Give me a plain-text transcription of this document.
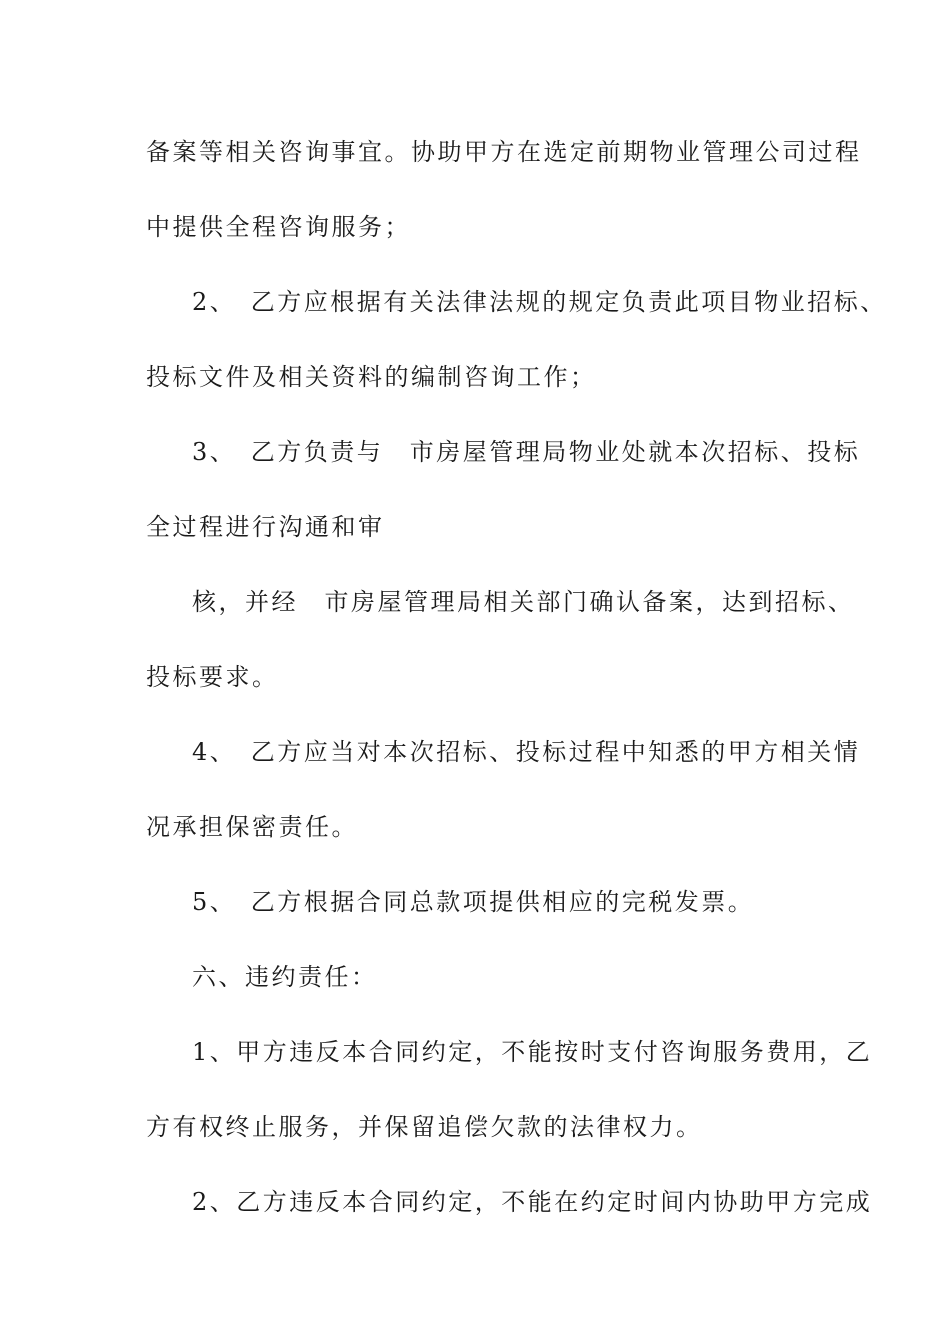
备案等相关咨询事宜。协助甲方在选定前期物业管理公司过程
中提供全程咨询服务；
2、　乙方应根据有关法律法规的规定负责此项目物业招标、
投标文件及相关资料的编制咨询工作；
3、　乙方负责与　市房屋管理局物业处就本次招标、投标
全过程进行沟通和审
核，并经　市房屋管理局相关部门确认备案，达到招标、
投标要求。
4、　乙方应当对本次招标、投标过程中知悉的甲方相关情
况承担保密责任。
5、　乙方根据合同总款项提供相应的完税发票。
六、违约责任：
1、甲方违反本合同约定，不能按时支付咨询服务费用，乙
方有权终止服务，并保留追偿欠款的法律权力。
2、乙方违反本合同约定，不能在约定时间内协助甲方完成
